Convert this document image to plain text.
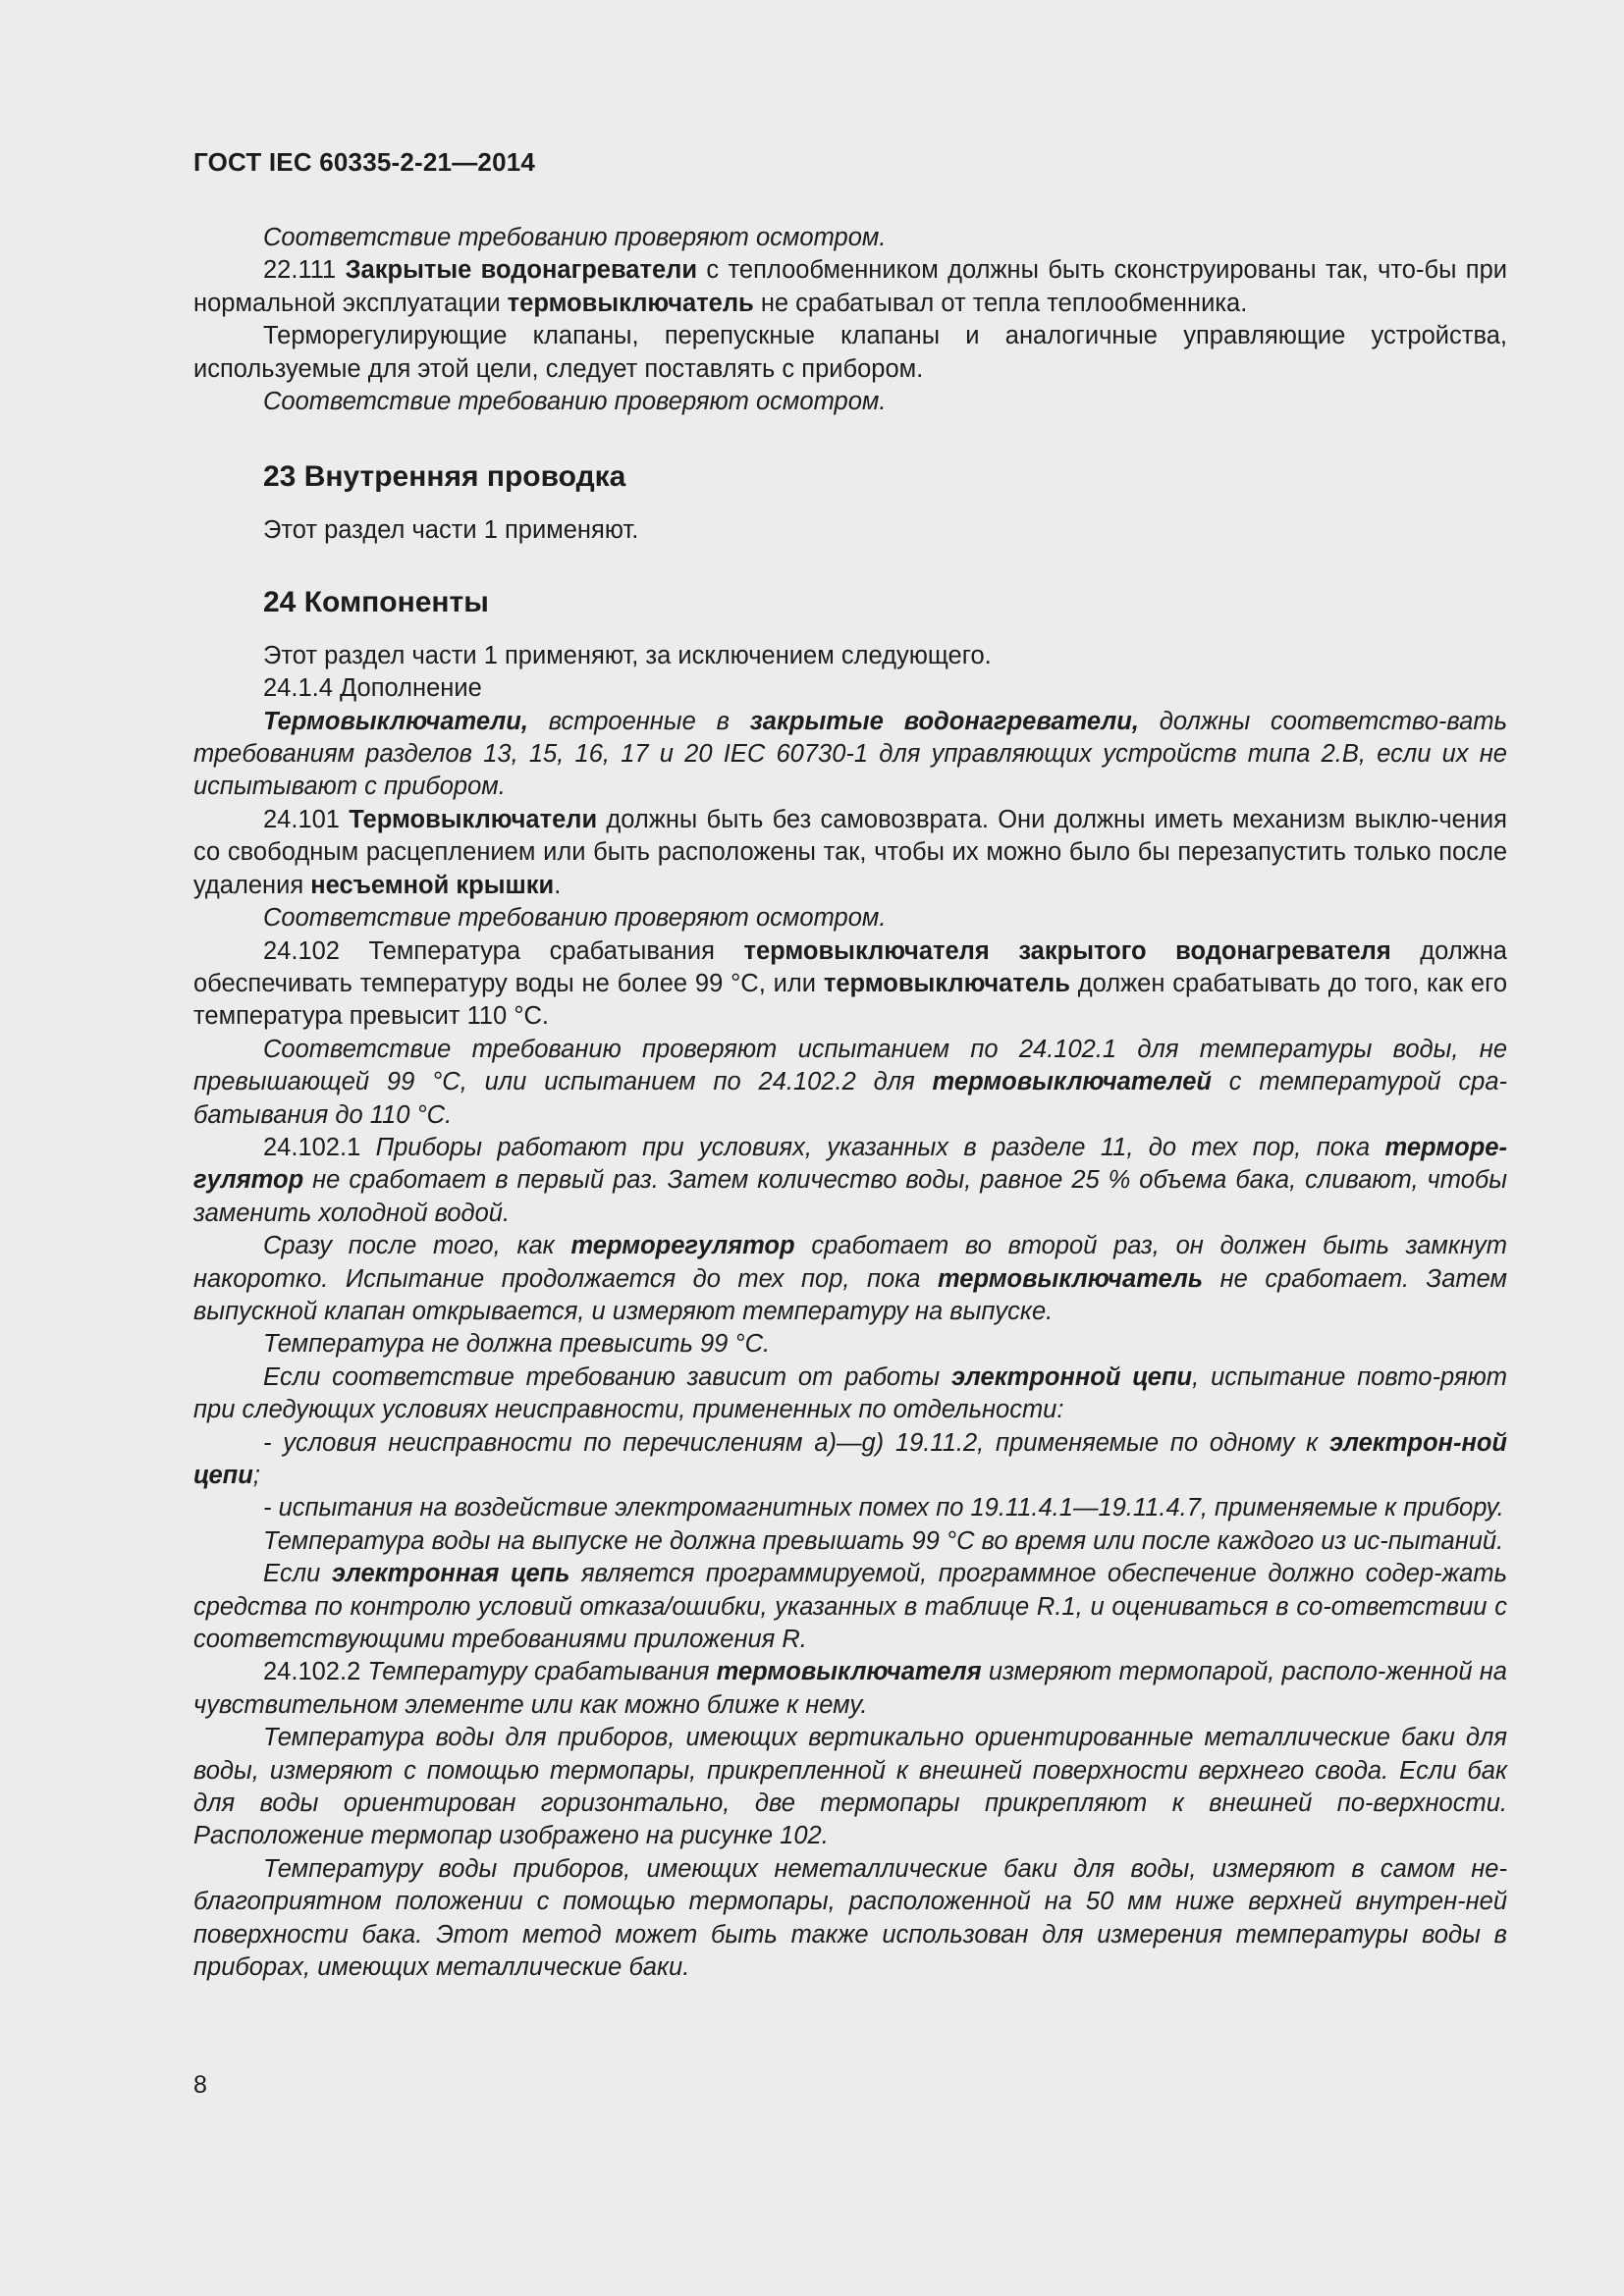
ГОСТ IEC 60335-2-21—2014

Соответствие требованию проверяют осмотром.

22.111 Закрытые водонагреватели с теплообменником должны быть сконструированы так, что-бы при нормальной эксплуатации термовыключатель не срабатывал от тепла теплообменника.

Терморегулирующие клапаны, перепускные клапаны и аналогичные управляющие устройства, используемые для этой цели, следует поставлять с прибором.

Соответствие требованию проверяют осмотром.

23 Внутренняя проводка

Этот раздел части 1 применяют.

24 Компоненты

Этот раздел части 1 применяют, за исключением следующего.

24.1.4 Дополнение

Термовыключатели, встроенные в закрытые водонагреватели, должны соответство-вать требованиям разделов 13, 15, 16, 17 и 20 IEC 60730-1 для управляющих устройств типа 2.В, если их не испытывают с прибором.

24.101 Термовыключатели должны быть без самовозврата. Они должны иметь механизм выклю-чения со свободным расцеплением или быть расположены так, чтобы их можно было бы перезапустить только после удаления несъемной крышки.

Соответствие требованию проверяют осмотром.

24.102 Температура срабатывания термовыключателя закрытого водонагревателя должна обеспечивать температуру воды не более 99 °С, или термовыключатель должен срабатывать до того, как его температура превысит 110 °С.

Соответствие требованию проверяют испытанием по 24.102.1 для температуры воды, не превышающей 99 °С, или испытанием по 24.102.2 для термовыключателей с температурой сра-батывания до 110 °С.

24.102.1 Приборы работают при условиях, указанных в разделе 11, до тех пор, пока термоpe-гулятор не сработает в первый раз. Затем количество воды, равное 25 % объема бака, сливают, чтобы заменить холодной водой.

Сразу после того, как терморегулятор сработает во второй раз, он должен быть замкнут накоротко. Испытание продолжается до тех пор, пока термовыключатель не сработает. Затем выпускной клапан открывается, и измеряют температуру на выпуске.

Температура не должна превысить 99 °С.

Если соответствие требованию зависит от работы электронной цепи, испытание повто-ряют при следующих условиях неисправности, примененных по отдельности:

- условия неисправности по перечислениям a)—g) 19.11.2, применяемые по одному к электрон-ной цепи;

- испытания на воздействие электромагнитных помех по 19.11.4.1—19.11.4.7, применяемые к прибору.

Температура воды на выпуске не должна превышать 99 °С во время или после каждого из ис-пытаний.

Если электронная цепь является программируемой, программное обеспечение должно содер-жать средства по контролю условий отказа/ошибки, указанных в таблице R.1, и оцениваться в со-ответствии с соответствующими требованиями приложения R.

24.102.2 Температуру срабатывания термовыключателя измеряют термопарой, располо-женной на чувствительном элементе или как можно ближе к нему.

Температура воды для приборов, имеющих вертикально ориентированные металлические баки для воды, измеряют с помощью термопары, прикрепленной к внешней поверхности верхнего свода. Если бак для воды ориентирован горизонтально, две термопары прикрепляют к внешней по-верхности. Расположение термопар изображено на рисунке 102.

Температуру воды приборов, имеющих неметаллические баки для воды, измеряют в самом не-благоприятном положении с помощью термопары, расположенной на 50 мм ниже верхней внутрен-ней поверхности бака. Этот метод может быть также использован для измерения температуры воды в приборах, имеющих металлические баки.

8
